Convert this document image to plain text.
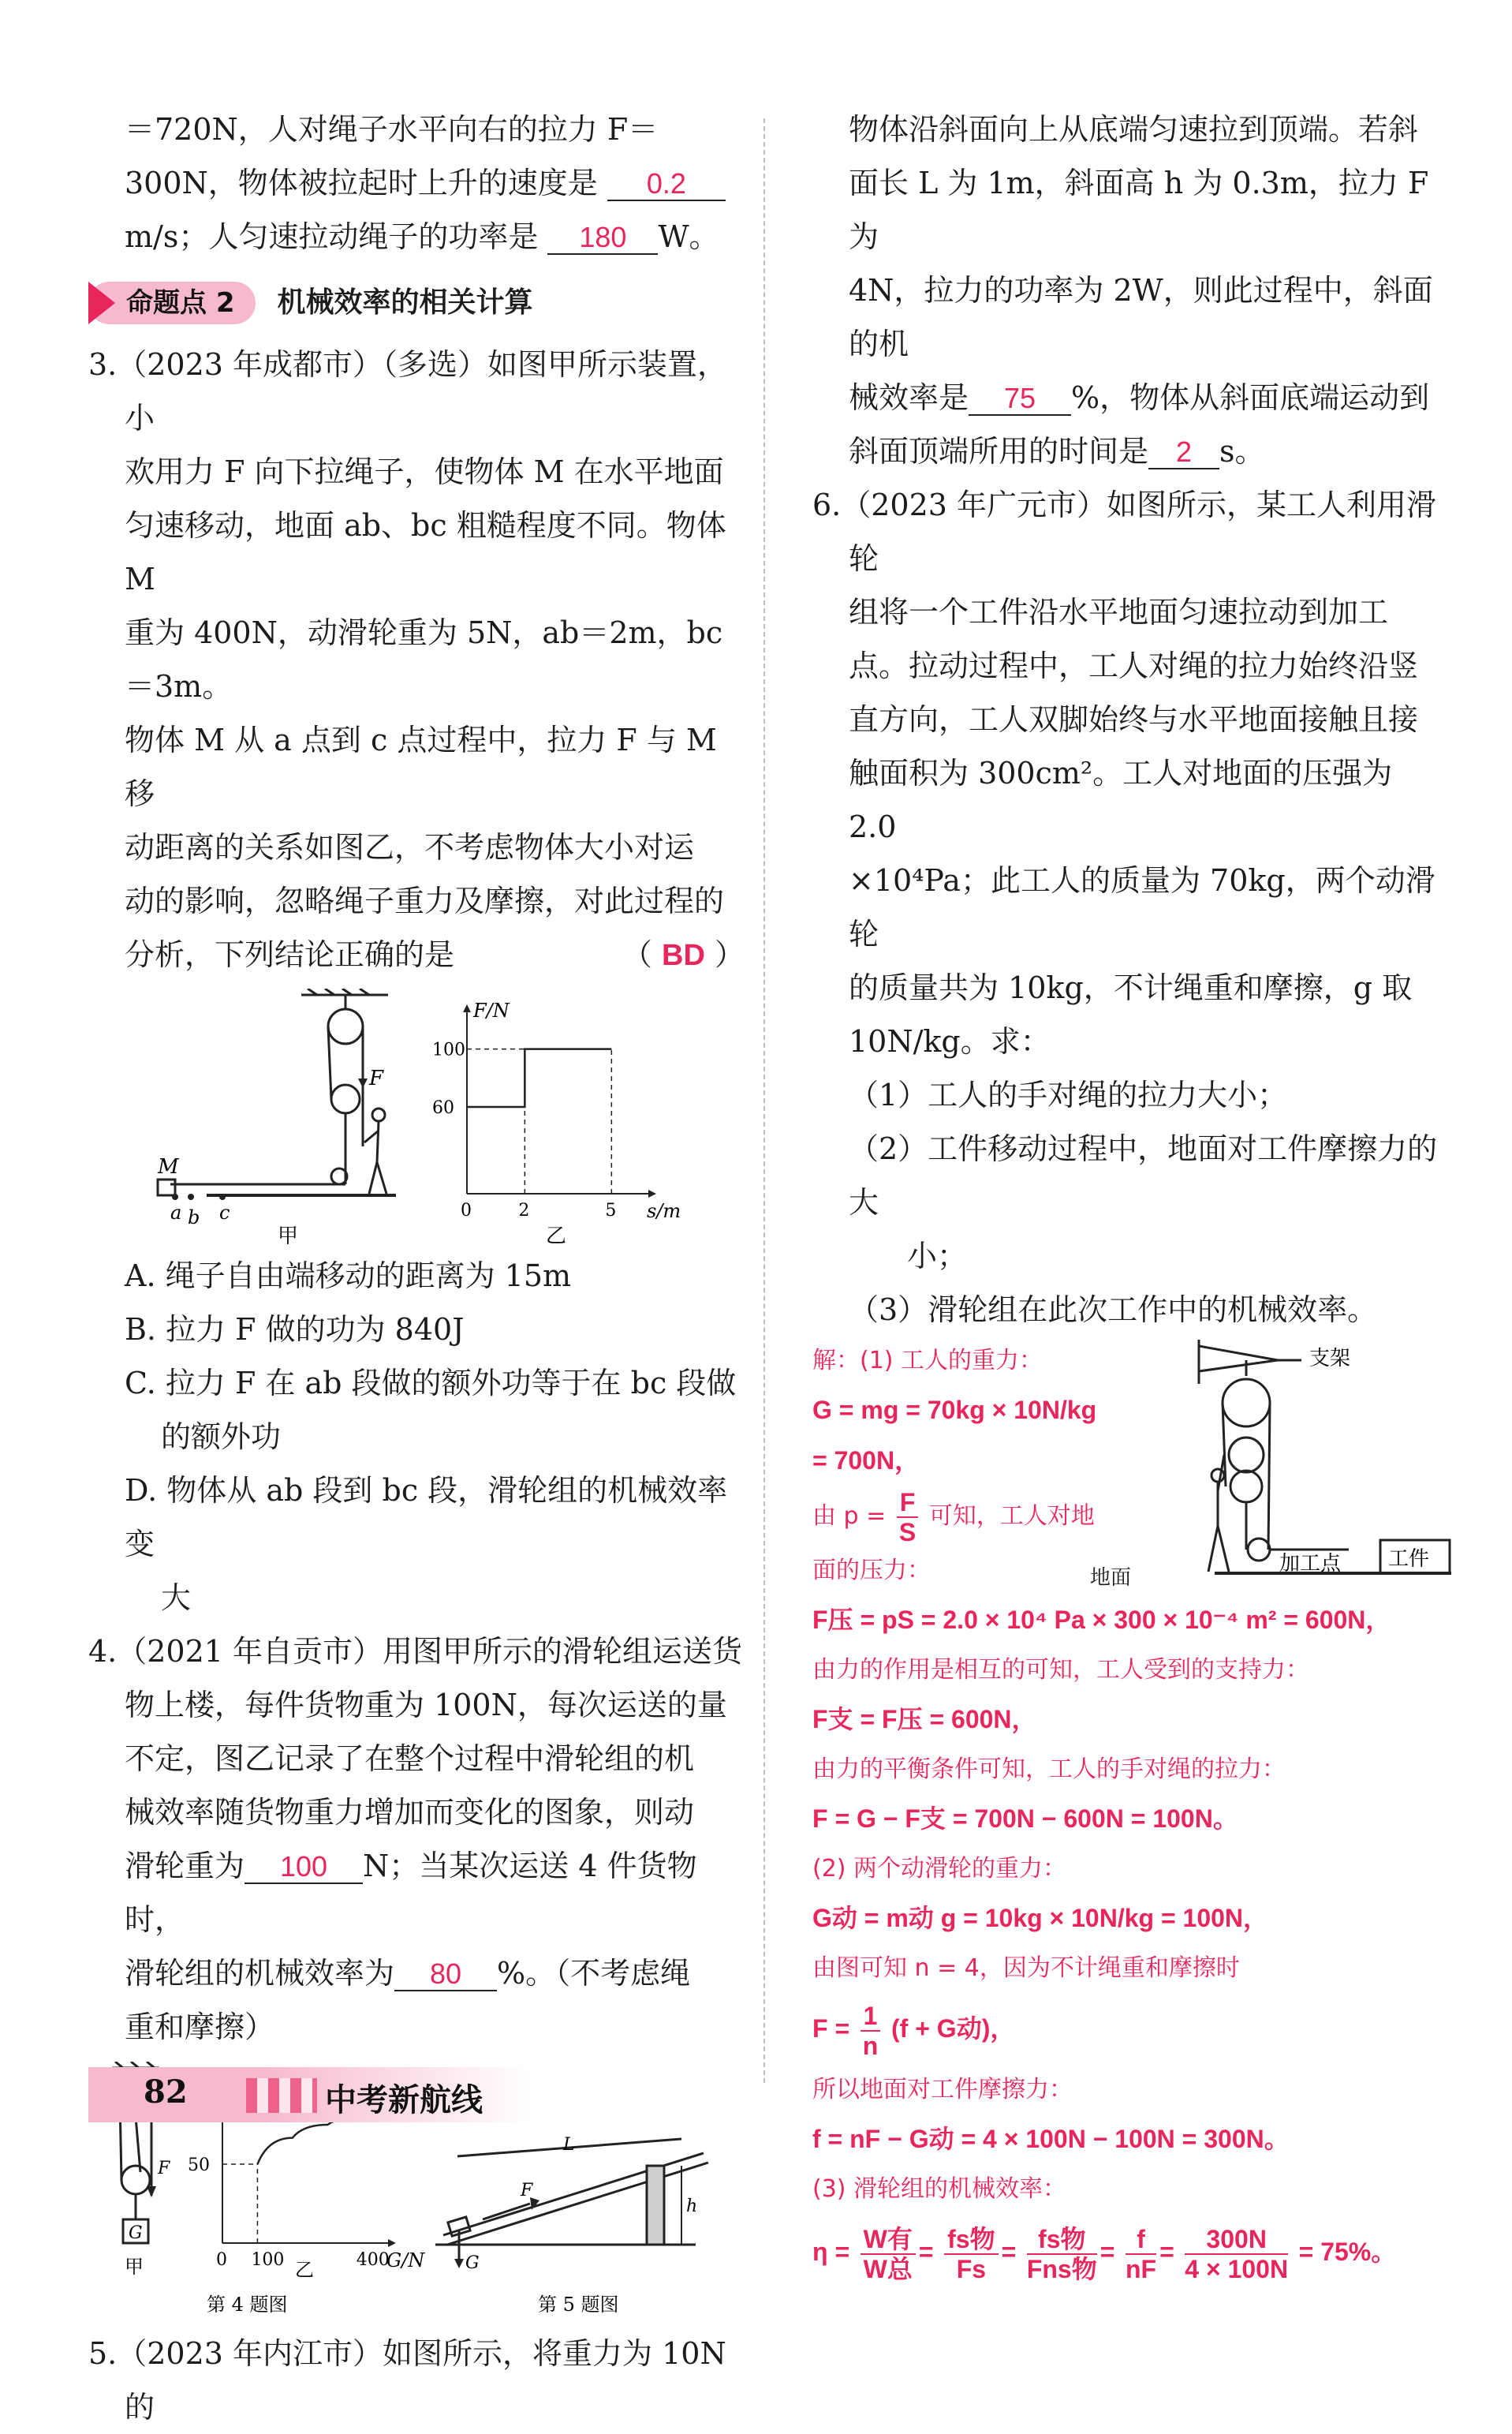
＝720N，人对绳子水平向右的拉力 F＝

300N，物体被拉起时上升的速度是 0.2

m/s；人匀速拉动绳子的功率是 180 W。

命题点 2 机械效率的相关计算

3.（2023 年成都市）（多选）如图甲所示装置，小

欢用力 F 向下拉绳子，使物体 M 在水平地面

匀速移动，地面 ab、bc 粗糙程度不同。物体 M

重为 400N，动滑轮重为 5N，ab＝2m，bc＝3m。

物体 M 从 a 点到 c 点过程中，拉力 F 与 M 移

动距离的关系如图乙，不考虑物体大小对运

动的影响，忽略绳子重力及摩擦，对此过程的

分析，下列结论正确的是	（ BD ）

F
M
a b c
甲
F/N
s/m
0	2	5
60
100
乙

A. 绳子自由端移动的距离为 15m

B. 拉力 F 做的功为 840J

C. 拉力 F 在 ab 段做的额外功等于在 bc 段做

的额外功

D. 物体从 ab 段到 bc 段，滑轮组的机械效率变

大

4.（2021 年自贡市）用图甲所示的滑轮组运送货

物上楼，每件货物重为 100N，每次运送的量

不定，图乙记录了在整个过程中滑轮组的机

械效率随货物重力增加而变化的图象，则动

滑轮重为 100 N；当某次运送 4 件货物时，

滑轮组的机械效率为 80 %。（不考虑绳

重和摩擦）

F
G
甲	G/N
0 100	400
50
乙
F
G
L
h
第 4 题图	第 5 题图

5.（2023 年内江市）如图所示，将重力为 10N 的

物体沿斜面向上从底端匀速拉到顶端。若斜

面长 L 为 1m，斜面高 h 为 0.3m，拉力 F 为

4N，拉力的功率为 2W，则此过程中，斜面的机

械效率是 75 %，物体从斜面底端运动到

斜面顶端所用的时间是 2 s。

6.（2023 年广元市）如图所示，某工人利用滑轮

组将一个工件沿水平地面匀速拉动到加工

点。拉动过程中，工人对绳的拉力始终沿竖

直方向，工人双脚始终与水平地面接触且接

触面积为 300cm²。工人对地面的压强为 2.0

×10⁴Pa；此工人的质量为 70kg，两个动滑轮

的质量共为 10kg，不计绳重和摩擦，g 取

10N/kg。求：

（1）工人的手对绳的拉力大小；

（2）工件移动过程中，地面对工件摩擦力的大

小；

（3）滑轮组在此次工作中的机械效率。

支架
加工点 工件
地面
解：(1) 工人的重力：
G = mg = 70kg × 10N/kg
= 700N，
由 $p = \frac{F}{S}$ 可知，工人对地
面的压力：
F压 = pS = 2.0 × 10⁴ Pa × 300 × 10⁻⁴ m² = 600N，
由力的作用是相互的可知，工人受到的支持力：
F支 = F压 = 600N，
由力的平衡条件可知，工人的手对绳的拉力：
F = G − F支 = 700N − 600N = 100N。
(2) 两个动滑轮的重力：
G动 = m动 g = 10kg × 10N/kg = 100N，
由图可知 n = 4，因为不计绳重和摩擦时
$F = \frac{1}{n} (f + G$动)，
所以地面对工件摩擦力：
f = nF − G动 = 4 × 100N − 100N = 300N。
(3) 滑轮组的机械效率：
$\eta = \frac{\text{W有}}{\text{W总}} = \frac{\text{fs物}}{Fs} = \frac{\text{fs物}}{\text{Fns物}} = \frac{f}{nF} = \frac{300N}{4 \times 100N} = 75\%$。
82	中考新航线
